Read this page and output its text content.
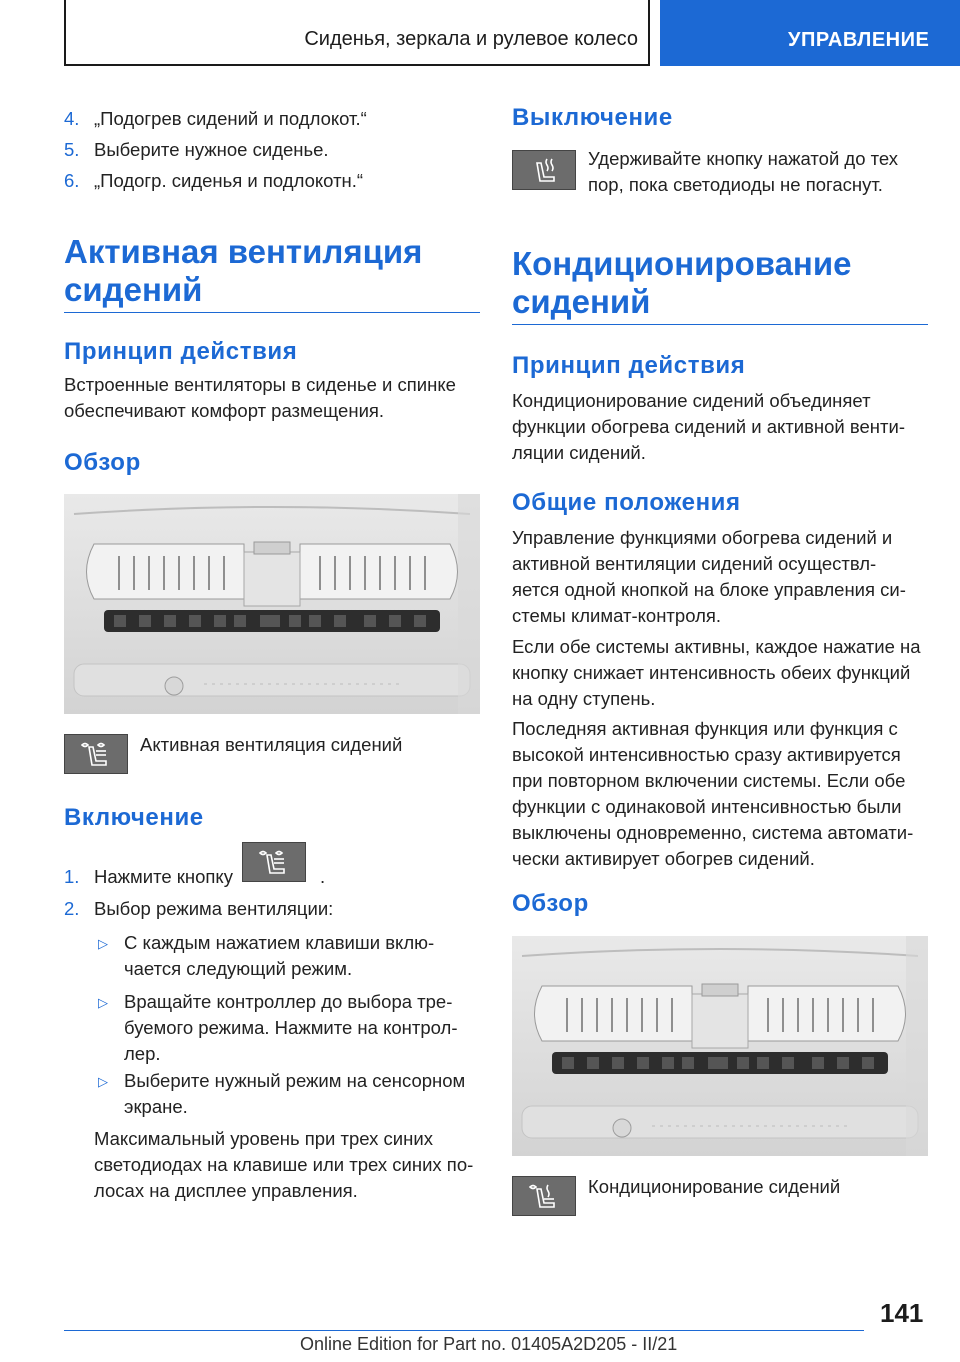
Сиденья, зеркала и рулевое колесо	УПРАВЛЕНИЕ
4. „Подогрев сидений и подлокот.“
5. Выберите нужное сиденье.
6. „Подогр. сиденья и подлокотн.“
Активная вентиляция
сидений
Принцип действия
Встроенные вентиляторы в сиденье и спинке
обеспечивают комфорт размещения.
Обзор
Активная вентиляция сидений
Включение
1. Нажмите кнопку	.
2. Выбор режима вентиляции:
▷ С каждым нажатием клавиши вклю-
чается следующий режим.
▷ Вращайте контроллер до выбора тре-
буемого режима. Нажмите на контрол-
лер.
▷ Выберите нужный режим на сенсорном
экране.
Максимальный уровень при трех синих
светодиодах на клавише или трех синих по-
лосах на дисплее управления.
Выключение
Удерживайте кнопку нажатой до тех
пор, пока светодиоды не погаснут.
Кондиционирование
сидений
Принцип действия
Кондиционирование сидений объединяет
функции обогрева сидений и активной венти-
ляции сидений.
Общие положения
Управление функциями обогрева сидений и
активной вентиляции сидений осуществл-
яется одной кнопкой на блоке управления си-
стемы климат-контроля.
Если обе системы активны, каждое нажатие на
кнопку снижает интенсивность обеих функций
на одну ступень.
Последняя активная функция или функция с
высокой интенсивностью сразу активируется
при повторном включении системы. Если обе
функции с одинаковой интенсивностью были
выключены одновременно, система автомати-
чески активирует обогрев сидений.
Обзор
Кондиционирование сидений
141
Online Edition for Part no. 01405A2D205 - II/21
